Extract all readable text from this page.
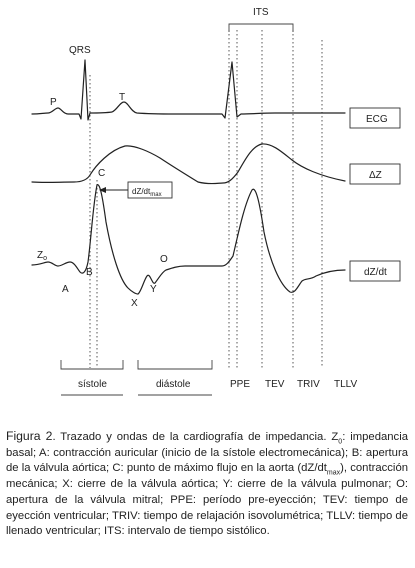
ITS
P
QRS
T
ECG
ΔZ
dZ/dt
$dZ/dt_{max}$
C
$Z_o$
A
B
X
Y
O
sístole	diástole	PPE TEV TRIV TLLV

Figura 2. Trazado y ondas de la cardiografía de impedancia. $Z_0$: impedancia basal; A: contracción auricular (inicio de la sístole electromecánica); B: apertura de la válvula aórtica; C: punto de máximo flujo en la aorta $(dZ/dt_{max})$, contracción mecánica; X: cierre de la válvula aórtica; Y: cierre de la válvula pulmonar; O: apertura de la válvula mitral; PPE: período pre-eyección; TEV: tiempo de eyección ventricular; TRIV: tiempo de relajación isovolumétrica; TLLV: tiempo de llenado ventricular; ITS: intervalo de tiempo sistólico.
